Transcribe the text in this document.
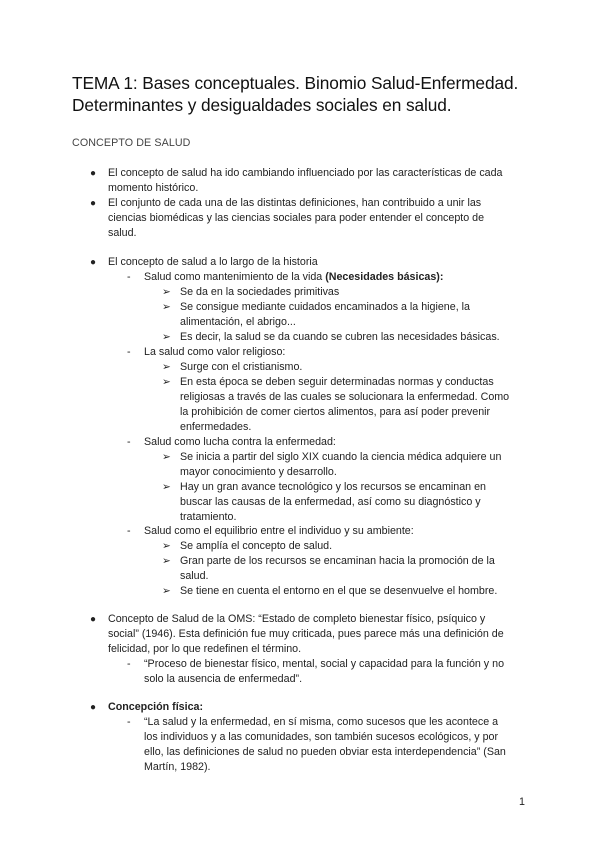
TEMA 1: Bases conceptuales. Binomio Salud-Enfermedad. Determinantes y desigualdades sociales en salud.
CONCEPTO DE SALUD
● El concepto de salud ha ido cambiando influenciado por las características de cada
momento histórico.
● El conjunto de cada una de las distintas definiciones, han contribuido a unir las
ciencias biomédicas y las ciencias sociales para poder entender el concepto de
salud.
● El concepto de salud a lo largo de la historia
- Salud como mantenimiento de la vida (Necesidades básicas):
➢ Se da en la sociedades primitivas
➢ Se consigue mediante cuidados encaminados a la higiene, la
alimentación, el abrigo...
➢ Es decir, la salud se da cuando se cubren las necesidades básicas.
- La salud como valor religioso:
➢ Surge con el cristianismo.
➢ En esta época se deben seguir determinadas normas y conductas
religiosas a través de las cuales se solucionara la enfermedad. Como
la prohibición de comer ciertos alimentos, para así poder prevenir
enfermedades.
- Salud como lucha contra la enfermedad:
➢ Se inicia a partir del siglo XIX cuando la ciencia médica adquiere un
mayor conocimiento y desarrollo.
➢ Hay un gran avance tecnológico y los recursos se encaminan en
buscar las causas de la enfermedad, así como su diagnóstico y
tratamiento.
- Salud como el equilibrio entre el individuo y su ambiente:
➢ Se amplía el concepto de salud.
➢ Gran parte de los recursos se encaminan hacia la promoción de la
salud.
➢ Se tiene en cuenta el entorno en el que se desenvuelve el hombre.
● Concepto de Salud de la OMS: “Estado de completo bienestar físico, psíquico y
social” (1946). Esta definición fue muy criticada, pues parece más una definición de
felicidad, por lo que redefinen el término.
- “Proceso de bienestar físico, mental, social y capacidad para la función y no
solo la ausencia de enfermedad”.
● Concepción física:
- “La salud y la enfermedad, en sí misma, como sucesos que les acontece a
los individuos y a las comunidades, son también sucesos ecológicos, y por
ello, las definiciones de salud no pueden obviar esta interdependencia” (San
Martín, 1982).
1
